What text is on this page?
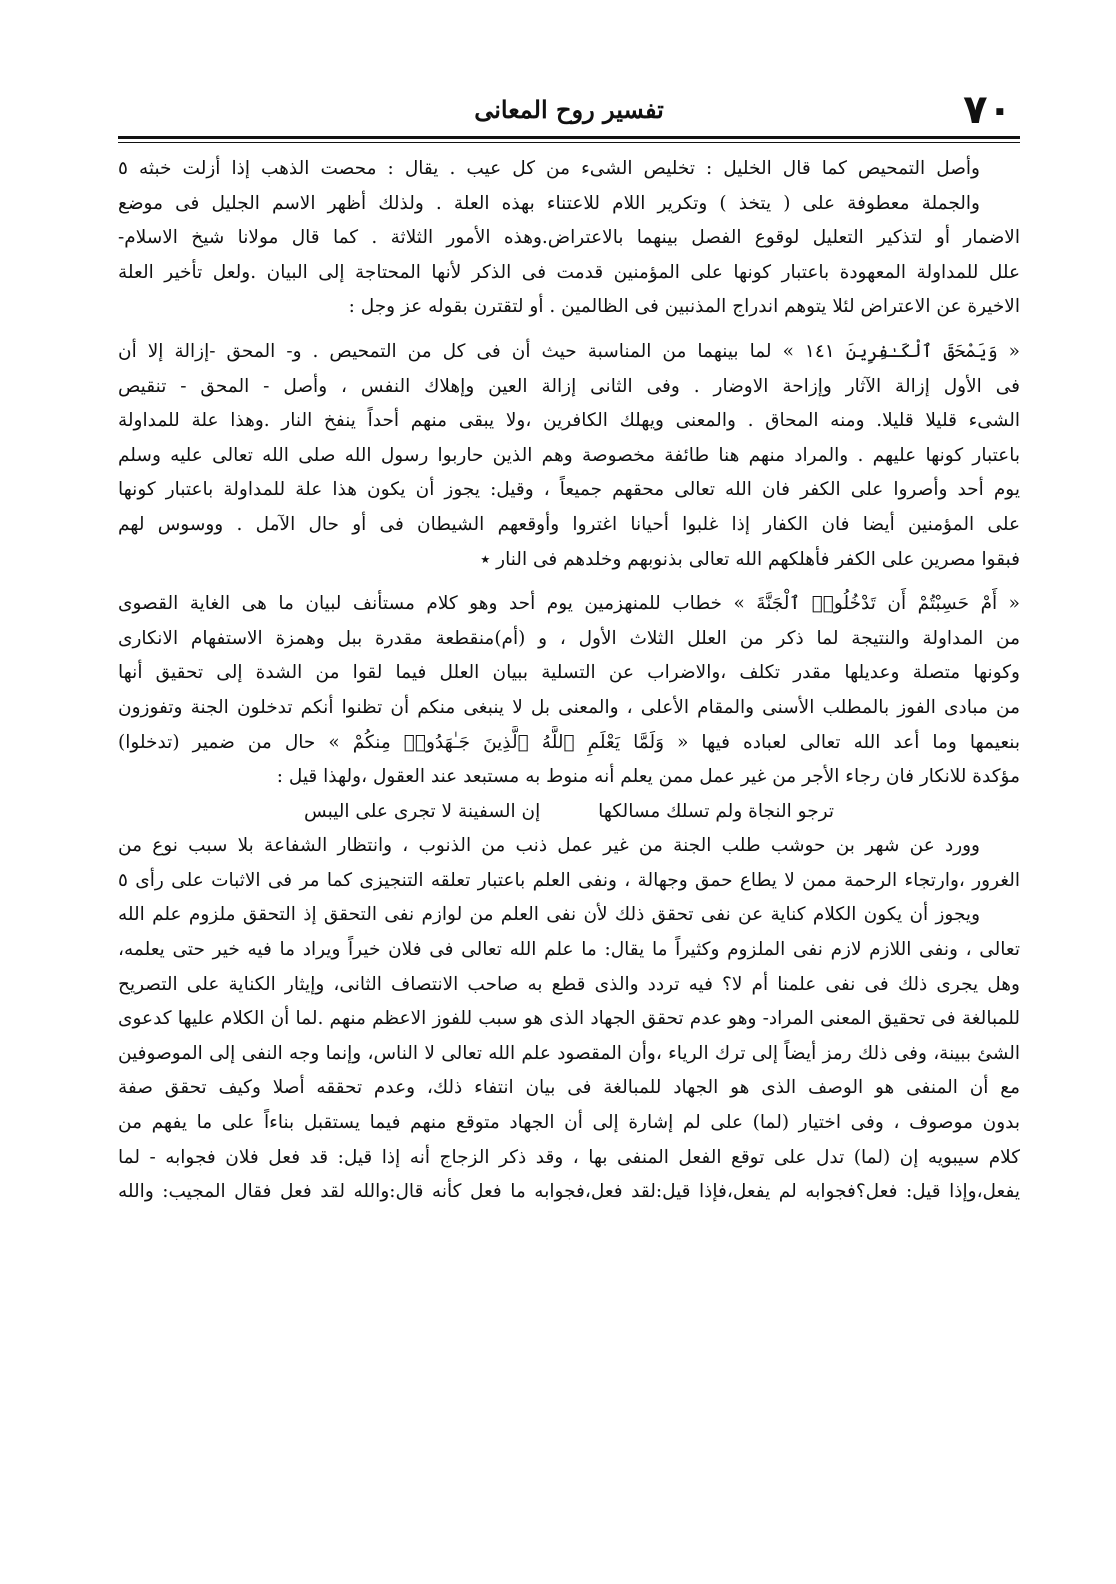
٧٠
تفسير روح المعانى
وأصل التمحيص كما قال الخليل : تخليص الشىء من كل عيب . يقال : محصت الذهب إذا أزلت خبثه ٥
والجملة معطوفة على ( يتخذ ) وتكرير اللام للاعتناء بهذه العلة . ولذلك أظهر الاسم الجليل فى موضع
الاضمار أو لتذكير التعليل لوقوع الفصل بينهما بالاعتراض.وهذه الأمور الثلاثة . كما قال مولانا شيخ الاسلام-
علل للمداولة المعهودة باعتبار كونها على المؤمنين قدمت فى الذكر لأنها المحتاجة إلى البيان .ولعل تأخير العلة
الاخيرة عن الاعتراض لئلا يتوهم اندراج المذنبين فى الظالمين . أو لتقترن بقوله عز وجل :
« وَيَمْحَقَ ٱلْكَـٰفِرِينَ ١٤١ » لما بينهما من المناسبة حيث أن فى كل من التمحيص . و- المحق -إزالة إلا أن
فى الأول إزالة الآثار وإزاحة الاوضار . وفى الثانى إزالة العين وإهلاك النفس ، وأصل - المحق - تنقيص
الشىء قليلا قليلا. ومنه المحاق . والمعنى ويهلك الكافرين ،ولا يبقى منهم أحداً ينفخ النار .وهذا علة للمداولة
باعتبار كونها عليهم . والمراد منهم هنا طائفة مخصوصة وهم الذين حاربوا رسول الله صلى الله تعالى عليه وسلم
يوم أحد وأصروا على الكفر فان الله تعالى محقهم جميعاً ، وقيل: يجوز أن يكون هذا علة للمداولة باعتبار كونها
على المؤمنين أيضا فان الكفار إذا غلبوا أحيانا اغتروا وأوقعهم الشيطان فى أو حال الآمل . ووسوس لهم
فبقوا مصرين على الكفر فأهلكهم الله تعالى بذنوبهم وخلدهم فى النار ٭
« أَمْ حَسِبْتُمْ أَن تَدْخُلُوا۟ ٱلْجَنَّةَ » خطاب للمنهزمين يوم أحد وهو كلام مستأنف لبيان ما هى الغاية القصوى
من المداولة والنتيجة لما ذكر من العلل الثلاث الأول ، و (أم)منقطعة مقدرة ببل وهمزة الاستفهام الانكارى
وكونها متصلة وعديلها مقدر تكلف ،والاضراب عن التسلية ببيان العلل فيما لقوا من الشدة إلى تحقيق أنها
من مبادى الفوز بالمطلب الأسنى والمقام الأعلى ، والمعنى بل لا ينبغى منكم أن تظنوا أنكم تدخلون الجنة وتفوزون
بنعيمها وما أعد الله تعالى لعباده فيها « وَلَمَّا يَعْلَمِ ٱللَّهُ ٱلَّذِينَ جَـٰهَدُوا۟ مِنكُمْ » حال من ضمير (تدخلوا)
مؤكدة للانكار فان رجاء الأجر من غير عمل ممن يعلم أنه منوط به مستبعد عند العقول ،ولهذا قيل :
ترجو النجاة ولم تسلك مسالكها إن السفينة لا تجرى على اليبس
وورد عن شهر بن حوشب طلب الجنة من غير عمل ذنب من الذنوب ، وانتظار الشفاعة بلا سبب نوع من
الغرور ،وارتجاء الرحمة ممن لا يطاع حمق وجهالة ، ونفى العلم باعتبار تعلقه التنجيزى كما مر فى الاثبات على رأى ٥
ويجوز أن يكون الكلام كناية عن نفى تحقق ذلك لأن نفى العلم من لوازم نفى التحقق إذ التحقق ملزوم علم الله
تعالى ، ونفى اللازم لازم نفى الملزوم وكثيراً ما يقال: ما علم الله تعالى فى فلان خيراً ويراد ما فيه خير حتى يعلمه،
وهل يجرى ذلك فى نفى علمنا أم لا؟ فيه تردد والذى قطع به صاحب الانتصاف الثانى، وإيثار الكناية على التصريح
للمبالغة فى تحقيق المعنى المراد- وهو عدم تحقق الجهاد الذى هو سبب للفوز الاعظم منهم .لما أن الكلام عليها كدعوى
الشئ ببينة، وفى ذلك رمز أيضاً إلى ترك الرياء ،وأن المقصود علم الله تعالى لا الناس، وإنما وجه النفى إلى الموصوفين
مع أن المنفى هو الوصف الذى هو الجهاد للمبالغة فى بيان انتفاء ذلك، وعدم تحققه أصلا وكيف تحقق صفة
بدون موصوف ، وفى اختيار (لما) على لم إشارة إلى أن الجهاد متوقع منهم فيما يستقبل بناءاً على ما يفهم من
كلام سيبويه إن (لما) تدل على توقع الفعل المنفى بها ، وقد ذكر الزجاج أنه إذا قيل: قد فعل فلان فجوابه - لما
يفعل،وإذا قيل: فعل؟فجوابه لم يفعل،فإذا قيل:لقد فعل،فجوابه ما فعل كأنه قال:والله لقد فعل فقال المجيب: والله
